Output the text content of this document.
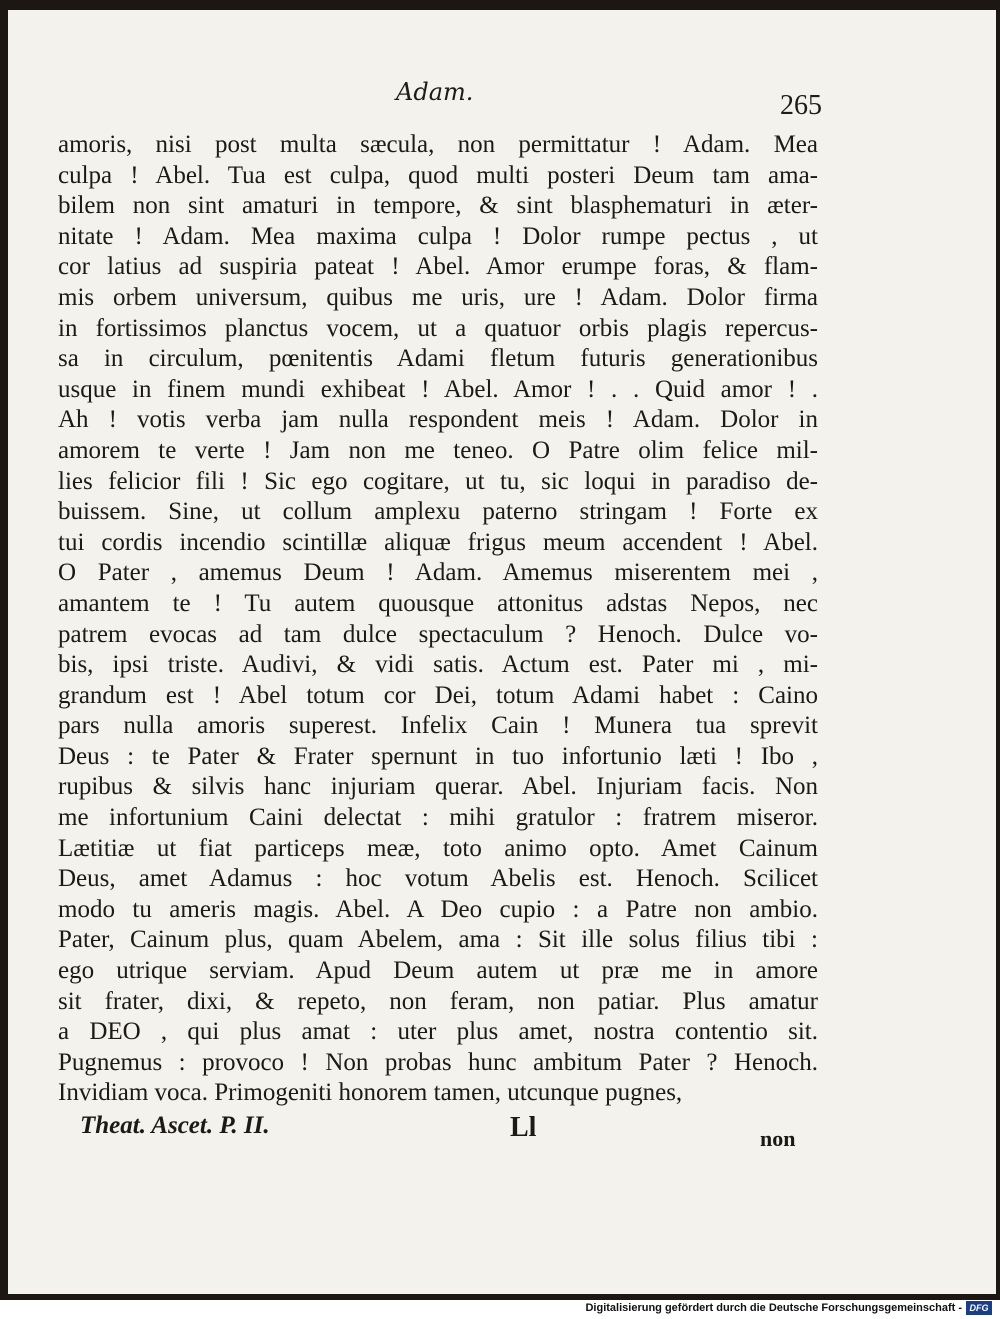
Adam.	265
amoris, nisi post multa sæcula, non permittatur ! Adam. Mea
culpa ! Abel. Tua est culpa, quod multi posteri Deum tam ama-
bilem non sint amaturi in tempore, & sint blasphematuri in æter-
nitate ! Adam. Mea maxima culpa ! Dolor rumpe pectus , ut
cor latius ad suspiria pateat ! Abel. Amor erumpe foras, & flam-
mis orbem universum, quibus me uris, ure ! Adam. Dolor firma
in fortissimos planctus vocem, ut a quatuor orbis plagis repercus-
sa in circulum, pœnitentis Adami fletum futuris generationibus
usque in finem mundi exhibeat ! Abel. Amor ! . . Quid amor ! .
Ah ! votis verba jam nulla respondent meis ! Adam. Dolor in
amorem te verte ! Jam non me teneo. O Patre olim felice mil-
lies felicior fili ! Sic ego cogitare, ut tu, sic loqui in paradiso de-
buissem. Sine, ut collum amplexu paterno stringam ! Forte ex
tui cordis incendio scintillæ aliquæ frigus meum accendent ! Abel.
O Pater , amemus Deum ! Adam. Amemus miserentem mei ,
amantem te ! Tu autem quousque attonitus adstas Nepos, nec
patrem evocas ad tam dulce spectaculum ? Henoch. Dulce vo-
bis, ipsi triste. Audivi, & vidi satis. Actum est. Pater mi , mi-
grandum est ! Abel totum cor Dei, totum Adami habet : Caino
pars nulla amoris superest. Infelix Cain ! Munera tua sprevit
Deus : te Pater & Frater spernunt in tuo infortunio læti ! Ibo ,
rupibus & silvis hanc injuriam querar. Abel. Injuriam facis. Non
me infortunium Caini delectat : mihi gratulor : fratrem miseror.
Lætitiæ ut fiat particeps meæ, toto animo opto. Amet Cainum
Deus, amet Adamus : hoc votum Abelis est. Henoch. Scilicet
modo tu ameris magis. Abel. A Deo cupio : a Patre non ambio.
Pater, Cainum plus, quam Abelem, ama : Sit ille solus filius tibi :
ego utrique serviam. Apud Deum autem ut præ me in amore
sit frater, dixi, & repeto, non feram, non patiar. Plus amatur
a DEO , qui plus amat : uter plus amet, nostra contentio sit.
Pugnemus : provoco ! Non probas hunc ambitum Pater ? Henoch.
Invidiam voca. Primogeniti honorem tamen, utcunque pugnes,
Theat. Ascet. P. II.	Ll	non
Digitalisierung gefördert durch die Deutsche Forschungsgemeinschaft - DFG
